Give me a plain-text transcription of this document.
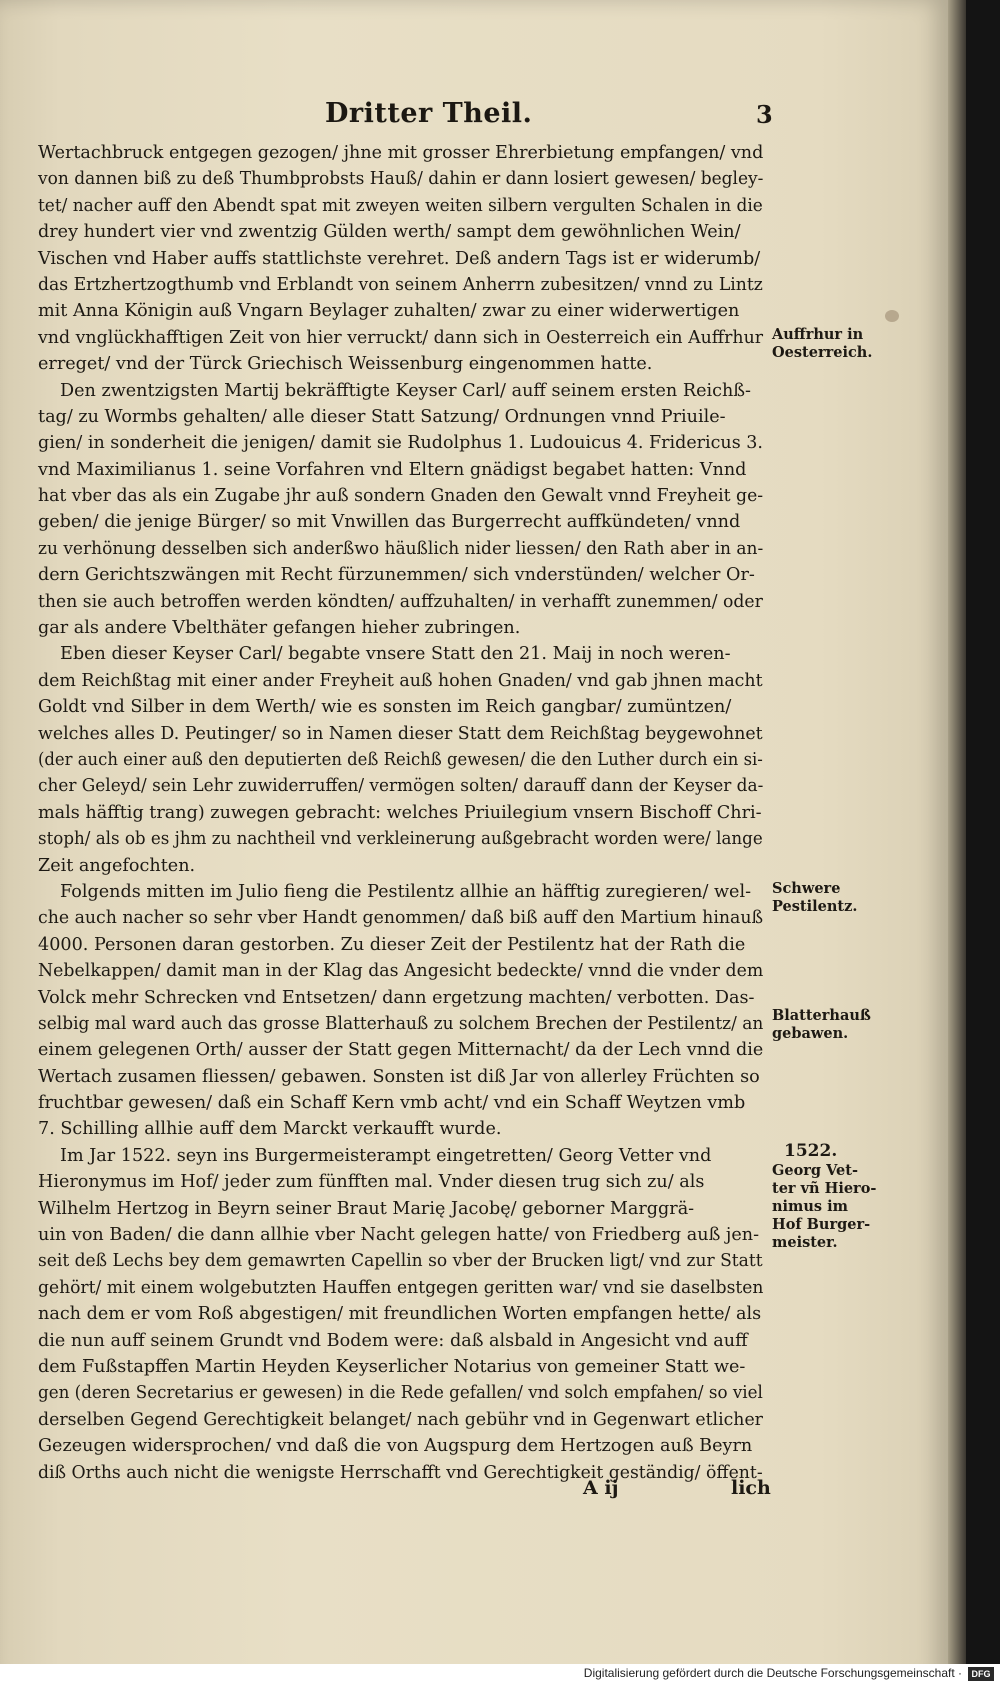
Dritter Theil.	3
Wertachbruck entgegen gezogen/ jhne mit grosser Ehrerbietung empfangen/ vnd
von dannen biß zu deß Thumbprobsts Hauß/ dahin er dann losiert gewesen/ begley-
tet/ nacher auff den Abendt spat mit zweyen weiten silbern vergulten Schalen in die
drey hundert vier vnd zwentzig Gülden werth/ sampt dem gewöhnlichen Wein/
Vischen vnd Haber auffs stattlichste verehret. Deß andern Tags ist er widerumb/
das Ertzhertzogthumb vnd Erblandt von seinem Anherrn zubesitzen/ vnnd zu Lintz
mit Anna Königin auß Vngarn Beylager zuhalten/ zwar zu einer widerwertigen
vnd vnglückhafftigen Zeit von hier verruckt/ dann sich in Oesterreich ein Auffrhur
erreget/ vnd der Türck Griechisch Weissenburg eingenommen hatte.
Den zwentzigsten Martij bekräfftigte Keyser Carl/ auff seinem ersten Reichß-
tag/ zu Wormbs gehalten/ alle dieser Statt Satzung/ Ordnungen vnnd Priuile-
gien/ in sonderheit die jenigen/ damit sie Rudolphus 1. Ludouicus 4. Fridericus 3.
vnd Maximilianus 1. seine Vorfahren vnd Eltern gnädigst begabet hatten: Vnnd
hat vber das als ein Zugabe jhr auß sondern Gnaden den Gewalt vnnd Freyheit ge-
geben/ die jenige Bürger/ so mit Vnwillen das Burgerrecht auffkündeten/ vnnd
zu verhönung desselben sich anderßwo häußlich nider liessen/ den Rath aber in an-
dern Gerichtszwängen mit Recht fürzunemmen/ sich vnderstünden/ welcher Or-
then sie auch betroffen werden köndten/ auffzuhalten/ in verhafft zunemmen/ oder
gar als andere Vbelthäter gefangen hieher zubringen.
Eben dieser Keyser Carl/ begabte vnsere Statt den 21. Maij in noch weren-
dem Reichßtag mit einer ander Freyheit auß hohen Gnaden/ vnd gab jhnen macht
Goldt vnd Silber in dem Werth/ wie es sonsten im Reich gangbar/ zumüntzen/
welches alles D. Peutinger/ so in Namen dieser Statt dem Reichßtag beygewohnet
(der auch einer auß den deputierten deß Reichß gewesen/ die den Luther durch ein si-
cher Geleyd/ sein Lehr zuwiderruffen/ vermögen solten/ darauff dann der Keyser da-
mals häfftig trang) zuwegen gebracht: welches Priuilegium vnsern Bischoff Chri-
stoph/ als ob es jhm zu nachtheil vnd verkleinerung außgebracht worden were/ lange
Zeit angefochten.
Folgends mitten im Julio fieng die Pestilentz allhie an häfftig zuregieren/ wel-
che auch nacher so sehr vber Handt genommen/ daß biß auff den Martium hinauß
4000. Personen daran gestorben. Zu dieser Zeit der Pestilentz hat der Rath die
Nebelkappen/ damit man in der Klag das Angesicht bedeckte/ vnnd die vnder dem
Volck mehr Schrecken vnd Entsetzen/ dann ergetzung machten/ verbotten. Das-
selbig mal ward auch das grosse Blatterhauß zu solchem Brechen der Pestilentz/ an
einem gelegenen Orth/ ausser der Statt gegen Mitternacht/ da der Lech vnnd die
Wertach zusamen fliessen/ gebawen. Sonsten ist diß Jar von allerley Früchten so
fruchtbar gewesen/ daß ein Schaff Kern vmb acht/ vnd ein Schaff Weytzen vmb
7. Schilling allhie auff dem Marckt verkaufft wurde.
Im Jar 1522. seyn ins Burgermeisterampt eingetretten/ Georg Vetter vnd
Hieronymus im Hof/ jeder zum fünfften mal. Vnder diesen trug sich zu/ als
Wilhelm Hertzog in Beyrn seiner Braut Marię Jacobę/ geborner Marggrä-
uin von Baden/ die dann allhie vber Nacht gelegen hatte/ von Friedberg auß jen-
seit deß Lechs bey dem gemawrten Capellin so vber der Brucken ligt/ vnd zur Statt
gehört/ mit einem wolgebutzten Hauffen entgegen geritten war/ vnd sie daselbsten
nach dem er vom Roß abgestigen/ mit freundlichen Worten empfangen hette/ als
die nun auff seinem Grundt vnd Bodem were: daß alsbald in Angesicht vnd auff
dem Fußstapffen Martin Heyden Keyserlicher Notarius von gemeiner Statt we-
gen (deren Secretarius er gewesen) in die Rede gefallen/ vnd solch empfahen/ so viel
derselben Gegend Gerechtigkeit belanget/ nach gebühr vnd in Gegenwart etlicher
Gezeugen widersprochen/ vnd daß die von Augspurg dem Hertzogen auß Beyrn
diß Orths auch nicht die wenigste Herrschafft vnd Gerechtigkeit geständig/ öffent-
Auffrhur in
Oesterreich.
Schwere
Pestilentz.
Blatterhauß
gebawen.
1522.
Georg Vet-
ter vñ Hiero-
nimus im
Hof Burger-
meister.
A ij	lich
Digitalisierung gefördert durch die Deutsche Forschungsgemeinschaft ·	DFG
